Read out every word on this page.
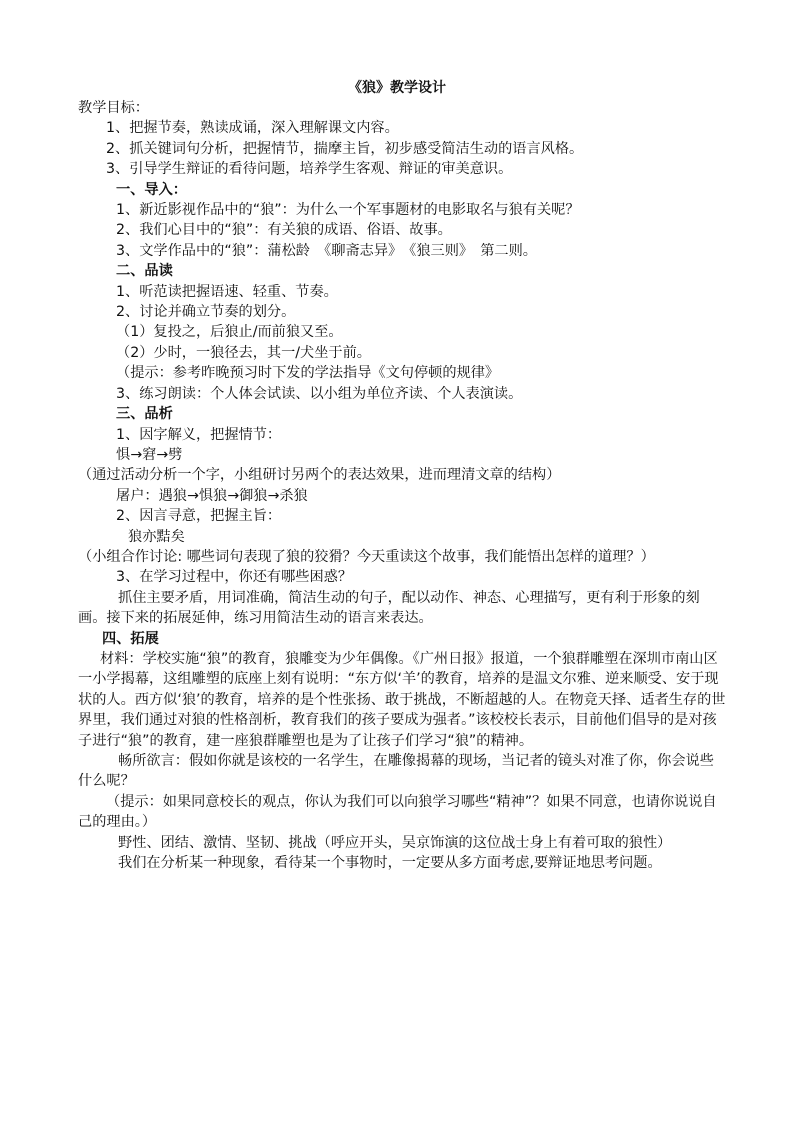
《狼》教学设计

教学目标：

1、把握节奏，熟读成诵，深入理解课文内容。

2、抓关键词句分析，把握情节，揣摩主旨，初步感受简洁生动的语言风格。

3、引导学生辩证的看待问题，培养学生客观、辩证的审美意识。

一、导入：

1、新近影视作品中的“狼”：为什么一个军事题材的电影取名与狼有关呢？

2、我们心目中的“狼”：有关狼的成语、俗语、故事。

3、文学作品中的“狼”：蒲松龄　《聊斋志异》　《狼三则》　第二则。

二、品读

1、听范读把握语速、轻重、节奏。

2、讨论并确立节奏的划分。

（1）复投之，后狼止/而前狼又至。

（2）少时，一狼径去，其一/犬坐于前。

（提示：参考昨晚预习时下发的学法指导《文句停顿的规律》

3、练习朗读：个人体会试读、以小组为单位齐读、个人表演读。

三、品析

1、因字解义，把握情节：

惧→窘→劈

（通过活动分析一个字，小组研讨另两个的表达效果，进而理清文章的结构）

屠户：遇狼→惧狼→御狼→杀狼

2、因言寻意，把握主旨：

狼亦黠矣

（小组合作讨论: 哪些词句表现了狼的狡猾？今天重读这个故事，我们能悟出怎样的道理？）

3、在学习过程中，你还有哪些困惑？

抓住主要矛盾，用词准确，简洁生动的句子，配以动作、神态、心理描写，更有利于形象的刻画。接下来的拓展延伸，练习用简洁生动的语言来表达。

四、拓展

材料：学校实施“狼”的教育，狼雕变为少年偶像。《广州日报》报道，一个狼群雕塑在深圳市南山区一小学揭幕，这组雕塑的底座上刻有说明：“东方似‘羊’的教育，培养的是温文尔雅、逆来顺受、安于现状的人。西方似‘狼’的教育，培养的是个性张扬、敢于挑战，不断超越的人。在物竞天择、适者生存的世界里，我们通过对狼的性格剖析，教育我们的孩子要成为强者。”该校校长表示，目前他们倡导的是对孩子进行“狼”的教育，建一座狼群雕塑也是为了让孩子们学习“狼”的精神。

畅所欲言：假如你就是该校的一名学生，在雕像揭幕的现场，当记者的镜头对准了你，你会说些什么呢？

（提示：如果同意校长的观点，你认为我们可以向狼学习哪些“精神”？如果不同意，也请你说说自己的理由。）

野性、团结、激情、坚韧、挑战（呼应开头，吴京饰演的这位战士身上有着可取的狼性）

我们在分析某一种现象，看待某一个事物时，一定要从多方面考虑,要辩证地思考问题。
